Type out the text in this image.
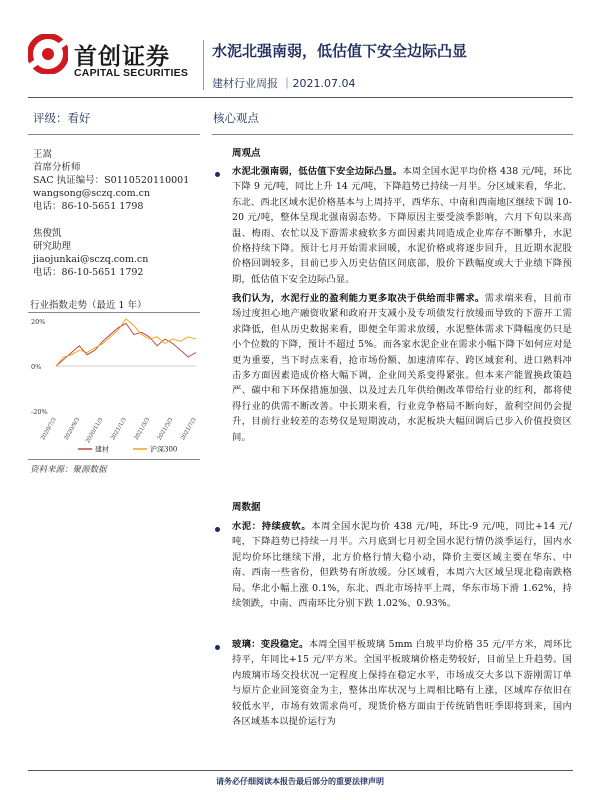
首创证券
CAPITAL SECURITIES
水泥北强南弱，低估值下安全边际凸显
建材行业周报 ｜2021.07.04
评级：看好
王嵩
首席分析师
SAC 执证编号：S0110520110001
wangsong@sczq.com.cn
电话：86-10-5651 1798
焦俊凯
研究助理
jiaojunkai@sczq.com.cn
电话：86-10-5651 1792
行业指数走势（最近 1 年）
20%
0%
-20%
2020/7/3 2020/9/3 2020/11/3 2021/1/3 2021/3/3 2021/5/3 2021/7/3
建材	沪深300
资料来源：聚源数据
核心观点
周观点
水泥北强南弱，低估值下安全边际凸显。本周全国水泥平均价格 438 元/吨，环比下降 9 元/吨，同比上升 14 元/吨，下降趋势已持续一月半。分区域来看，华北、东北、西北区域水泥价格基本与上周持平，西华东、中南和西南地区继续下调 10-20 元/吨，整体呈现北强南弱态势。下降原因主要受淡季影响，六月下旬以来高温、梅雨、农忙以及下游需求疲软多方面因素共同造成企业库存不断攀升，水泥价格持续下降。预计七月开始需求回暖，水泥价格或将逐步回升，且近期水泥股价格回调较多，目前已步入历史估值区间底部，股价下跌幅度或大于业绩下降预期，低估值下安全边际凸显。
我们认为，水泥行业的盈利能力更多取决于供给而非需求。需求端来看，目前市场过度担心地产融资收紧和政府开支减小及专项债发行放缓而导致的下游开工需求降低，但从历史数据来看，即便全年需求放缓，水泥整体需求下降幅度仍只是小个位数的下降，预计不超过 5%。而各家水泥企业在需求小幅下降下如何应对是更为重要，当下时点来看，抢市场份额、加速清库存、跨区域套利、进口熟料冲击多方面因素造成价格大幅下调，企业间关系变得紧张。但本来产能置换政策趋严、碳中和下环保措施加强、以及过去几年供给侧改革带给行业的红利，都将使得行业的供需不断改善。中长期来看，行业竞争格局不断向好，盈利空间仍会提升，目前行业较差的态势仅是短期波动，水泥板块大幅回调后已步入价值投资区间。
周数据
水泥：持续疲软。本周全国水泥均价 438 元/吨，环比-9 元/吨，同比+14 元/吨，下降趋势已持续一月半。六月底到七月初全国水泥行情仍淡季运行，国内水泥均价环比继续下滑，北方价格行情大稳小动，降价主要区域主要在华东、中南、西南一些省份，但跌势有所放缓。分区域看，本周六大区域呈现北稳南跌格局。华北小幅上涨 0.1%，东北、西北市场持平上周，华东市场下滑 1.62%，持续领跌，中南、西南环比分别下跌 1.02%、0.93%。
玻璃：变段稳定。本周全国平板玻璃 5mm 白玻平均价格 35 元/平方米，周环比持平，年同比+15 元/平方米。全国平板玻璃价格走势较好，目前呈上升趋势。国内玻璃市场交投状况一定程度上保持在稳定水平，市场成交大多以下游刚需订单与原片企业回笼资金为主，整体出库状况与上周相比略有上涨，区域库存依旧在较低水平，市场有效需求尚可，现货价格方面由于传统销售旺季即将到来，国内各区域基本以提价运行为
请务必仔细阅读本报告最后部分的重要法律声明
